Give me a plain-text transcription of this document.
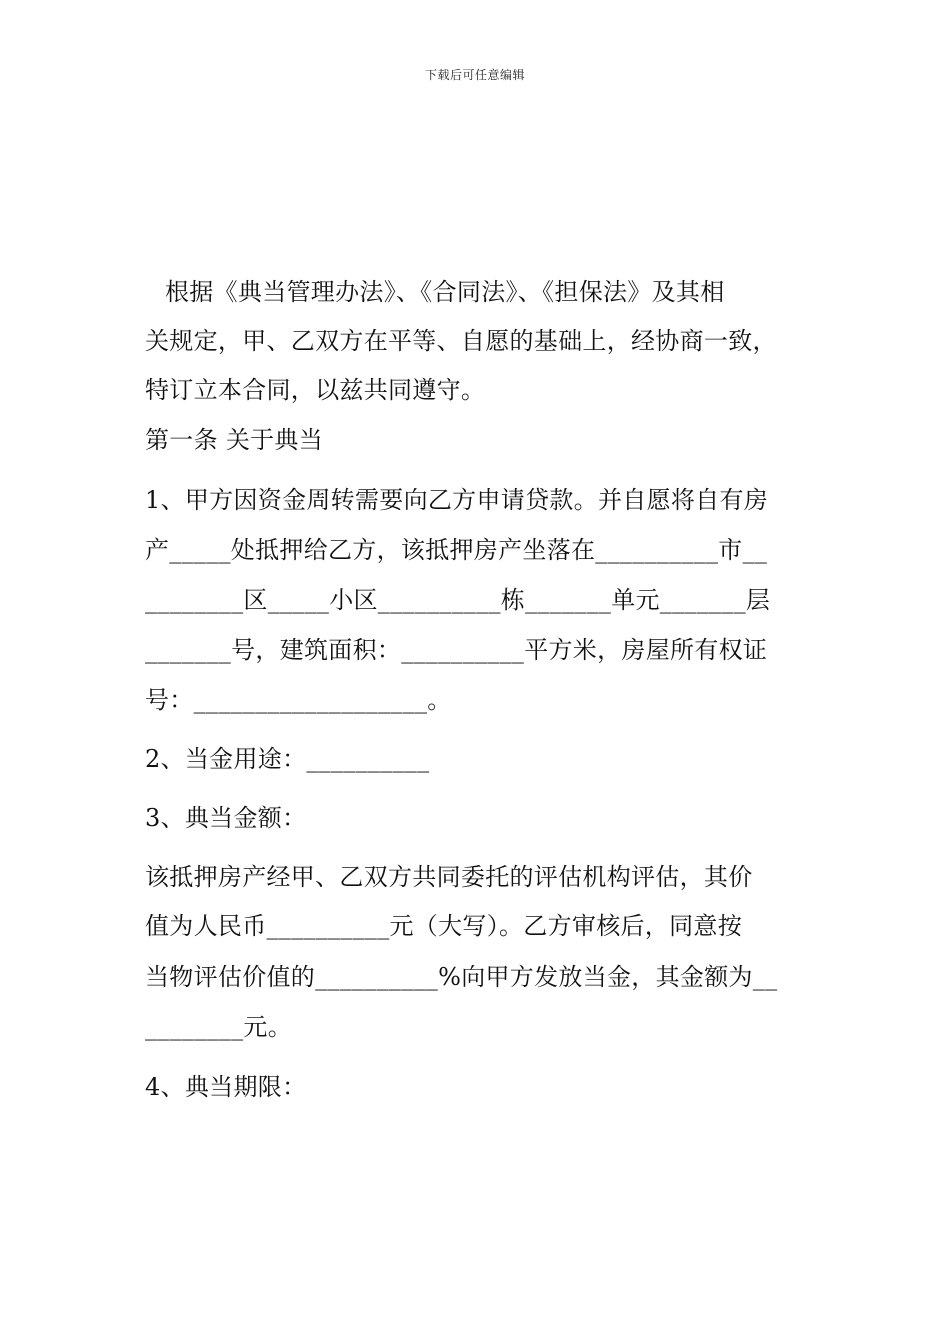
下载后可任意编辑
根据《典当管理办法》、《合同法》、《担保法》及其相
关规定，甲、乙双方在平等、自愿的基础上，经协商一致，
特订立本合同，以兹共同遵守。
第一条 关于典当
1、甲方因资金周转需要向乙方申请贷款。并自愿将自有房
产_____处抵押给乙方，该抵押房产坐落在__________市__
________区_____小区__________栋_______单元_______层
_______号，建筑面积：__________平方米，房屋所有权证
号：___________________。
2、当金用途：__________
3、典当金额：
该抵押房产经甲、乙双方共同委托的评估机构评估，其价
值为人民币__________元（大写）。乙方审核后，同意按
当物评估价值的__________%向甲方发放当金，其金额为__
________元。
4、典当期限：
